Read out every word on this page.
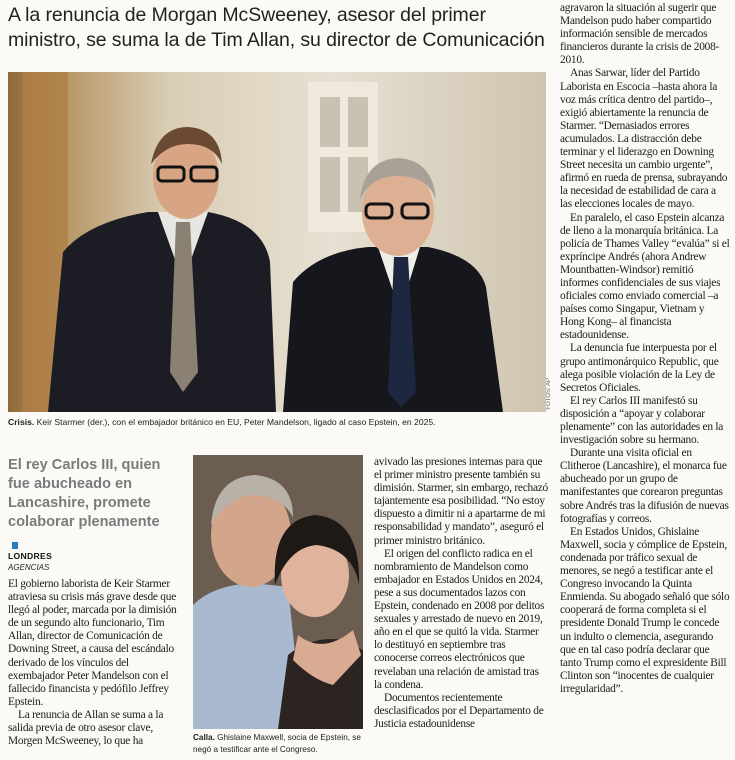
A la renuncia de Morgan McSweeney, asesor del primer ministro, se suma la de Tim Allan, su director de Comunicación
FOTOS: AP
Crisis. Keir Starmer (der.), con el embajador británico en EU, Peter Mandelson, ligado al caso Epstein, en 2025.
El rey Carlos III, quien fue abucheado en Lancashire, promete colaborar plenamente
LONDRES
AGENCIAS

El gobierno laborista de Keir Starmer atraviesa su crisis más grave desde que llegó al poder, marcada por la dimisión de un segundo alto funcionario, Tim Allan, director de Comunicación de Downing Street, a causa del escándalo derivado de los vínculos del exembajador Peter Mandelson con el fallecido financista y pedófilo Jeffrey Epstein.

La renuncia de Allan se suma a la salida previa de otro asesor clave, Morgen McSweeney, lo que ha	Calla. Ghislaine Maxwell, socia de Epstein, se negó a testificar ante el Congreso.

avivado las presiones internas para que el primer ministro presente también su dimisión. Starmer, sin embargo, rechazó tajantemente esa posibilidad. “No estoy dispuesto a dimitir ni a apartarme de mi responsabilidad y mandato”, aseguró el primer ministro británico.

El origen del conflicto radica en el nombramiento de Mandelson como embajador en Estados Unidos en 2024, pese a sus documentados lazos con Epstein, condenado en 2008 por delitos sexuales y arrestado de nuevo en 2019, año en el que se quitó la vida. Starmer lo destituyó en septiembre tras conocerse correos electrónicos que revelaban una relación de amistad tras la condena.

Documentos recientemente desclasificados por el Departamento de Justicia estadounidense

agravaron la situación al sugerir que Mandelson pudo haber compartido información sensible de mercados financieros durante la crisis de 2008-2010.

Anas Sarwar, líder del Partido Laborista en Escocia –hasta ahora la voz más crítica dentro del partido–, exigió abiertamente la renuncia de Starmer. “Demasiados errores acumulados. La distracción debe terminar y el liderazgo en Downing Street necesita un cambio urgente”, afirmó en rueda de prensa, subrayando la necesidad de estabilidad de cara a las elecciones locales de mayo.

En paralelo, el caso Epstein alcanza de lleno a la monarquía británica. La policía de Thames Valley “evalúa” si el expríncipe Andrés (ahora Andrew Mountbatten-Windsor) remitió informes confidenciales de sus viajes oficiales como enviado comercial –a países como Singapur, Vietnam y Hong Kong– al financista estadounidense.

La denuncia fue interpuesta por el grupo antimonárquico Republic, que alega posible violación de la Ley de Secretos Oficiales.

El rey Carlos III manifestó su disposición a “apoyar y colaborar plenamente” con las autoridades en la investigación sobre su hermano.

Durante una visita oficial en Clitheroe (Lancashire), el monarca fue abucheado por un grupo de manifestantes que corearon preguntas sobre Andrés tras la difusión de nuevas fotografías y correos.

En Estados Unidos, Ghislaine Maxwell, socia y cómplice de Epstein, condenada por tráfico sexual de menores, se negó a testificar ante el Congreso invocando la Quinta Enmienda. Su abogado señaló que sólo cooperará de forma completa si el presidente Donald Trump le concede un indulto o clemencia, asegurando que en tal caso podría declarar que tanto Trump como el expresidente Bill Clinton son “inocentes de cualquier irregularidad”.
